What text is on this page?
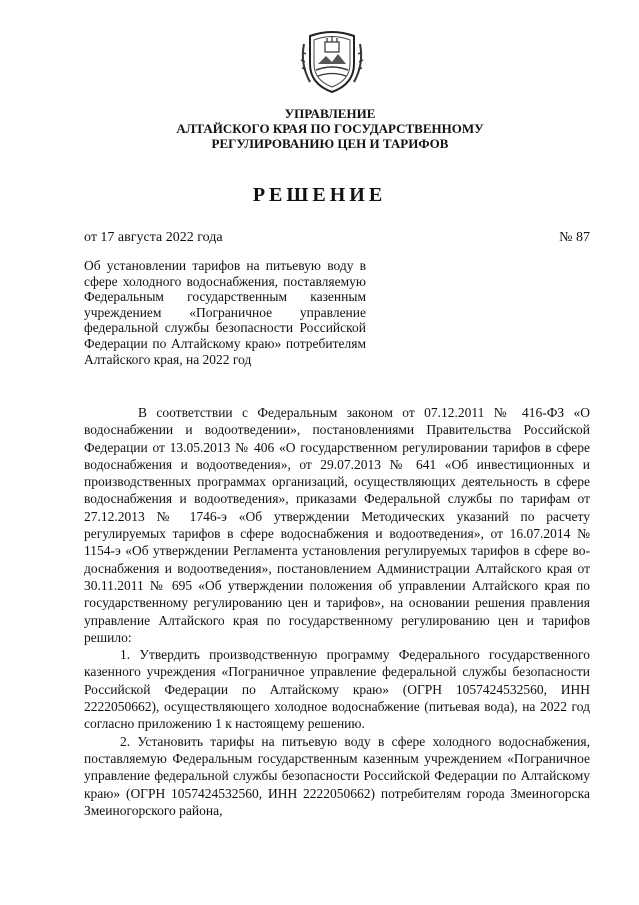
УПРАВЛЕНИЕ
АЛТАЙСКОГО КРАЯ ПО ГОСУДАРСТВЕННОМУ
РЕГУЛИРОВАНИЮ ЦЕН И ТАРИФОВ
РЕШЕНИЕ
от 17 августа 2022 года	№ 87
Об установлении тарифов на питьевую воду в сфере холодного водоснабжения, поставляемую Федеральным государственным казенным учреждением «Пограничное управление федеральной службы безопасности Российской Федерации по Алтайскому краю» потребителям Алтайского края, на 2022 год

В соответствии с Федеральным законом от 07.12.2011 № 416-ФЗ «О водоснабжении и водоотведении», постановлениями Правительства Российской Федерации от 13.05.2013 № 406 «О государственном регулировании тарифов в сфере водоснабжения и водоотведения», от 29.07.2013 № 641 «Об инвестиционных и производственных программах организаций, осуществляющих деятельность в сфере водоснабжения и водоотведения», приказами Федеральной службы по тарифам от 27.12.2013 № 1746-э «Об утверждении Методических указаний по расчету регулируемых тарифов в сфере водоснабжения и водоотведения», от 16.07.2014 № 1154-э «Об утверждении Регламента установления регулируемых тарифов в сфере водоснабжения и водоотведения», постановлением Администрации Алтайского края от 30.11.2011 № 695 «Об утверждении положения об управлении Алтайского края по государственному регулированию цен и тарифов», на основании решения правления управление Алтайского края по государственному регулированию цен и тарифов решило:

1. Утвердить производственную программу Федерального государственного казенного учреждения «Пограничное управление федеральной службы безопасности Российской Федерации по Алтайскому краю» (ОГРН 1057424532560, ИНН 2222050662), осуществляющего холодное водоснабжение (питьевая вода), на 2022 год согласно приложению 1 к настоящему решению.

2. Установить тарифы на питьевую воду в сфере холодного водоснабжения, поставляемую Федеральным государственным казенным учреждением «Пограничное управление федеральной службы безопасности Российской Федерации по Алтайскому краю» (ОГРН 1057424532560, ИНН 2222050662) потребителям города Змеиногорска Змеиногорского района,
